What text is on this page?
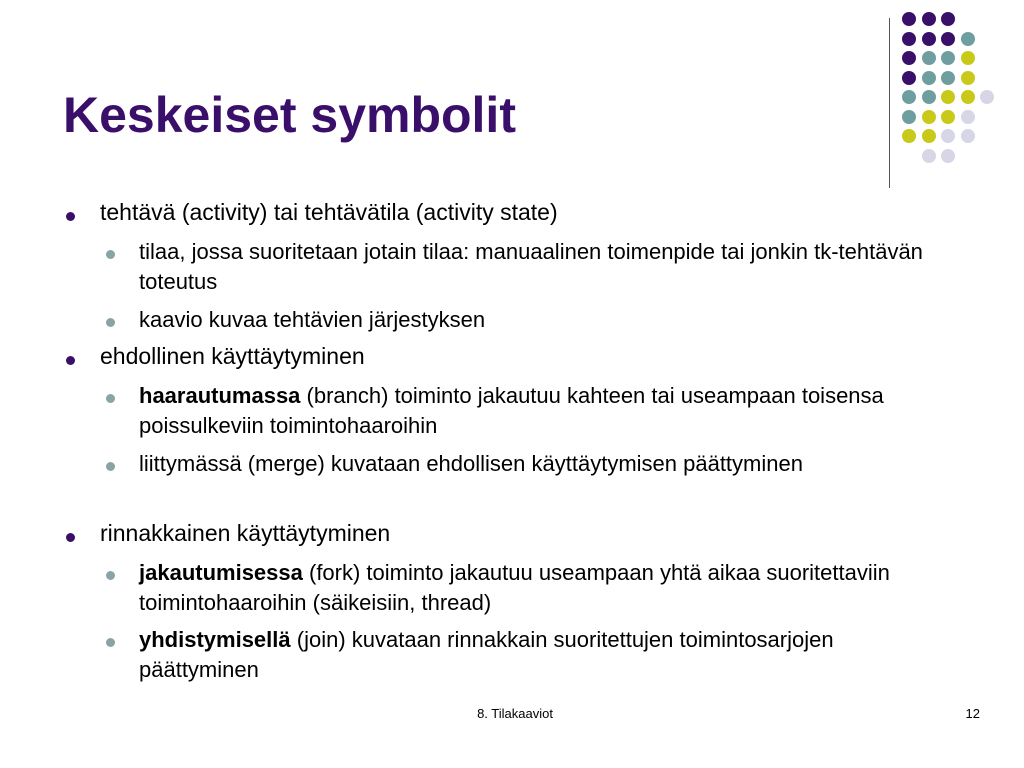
Keskeiset symbolit

tehtävä (activity) tai tehtävätila (activity state)

tilaa, jossa suoritetaan jotain tilaa: manuaalinen toimenpide tai jonkin tk-tehtävän toteutus

kaavio kuvaa tehtävien järjestyksen

ehdollinen käyttäytyminen

haarautumassa (branch) toiminto jakautuu kahteen tai useampaan toisensa poissulkeviin toimintohaaroihin

liittymässä (merge) kuvataan ehdollisen käyttäytymisen päättyminen

rinnakkainen käyttäytyminen

jakautumisessa (fork) toiminto jakautuu useampaan yhtä aikaa suoritettaviin toimintohaaroihin (säikeisiin, thread)

yhdistymisellä (join) kuvataan rinnakkain suoritettujen toimintosarjojen päättyminen

8. Tilakaaviot	12
